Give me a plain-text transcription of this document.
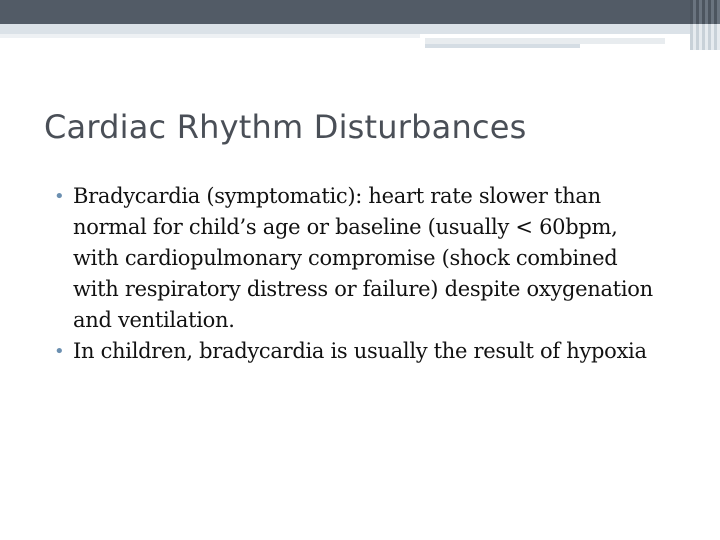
Cardiac Rhythm Disturbances
• Bradycardia (symptomatic): heart rate slower than normal for child’s age or baseline (usually < 60bpm, with cardiopulmonary compromise (shock combined with respiratory distress or failure) despite oxygenation and ventilation.
• In children, bradycardia is usually the result of hypoxia
